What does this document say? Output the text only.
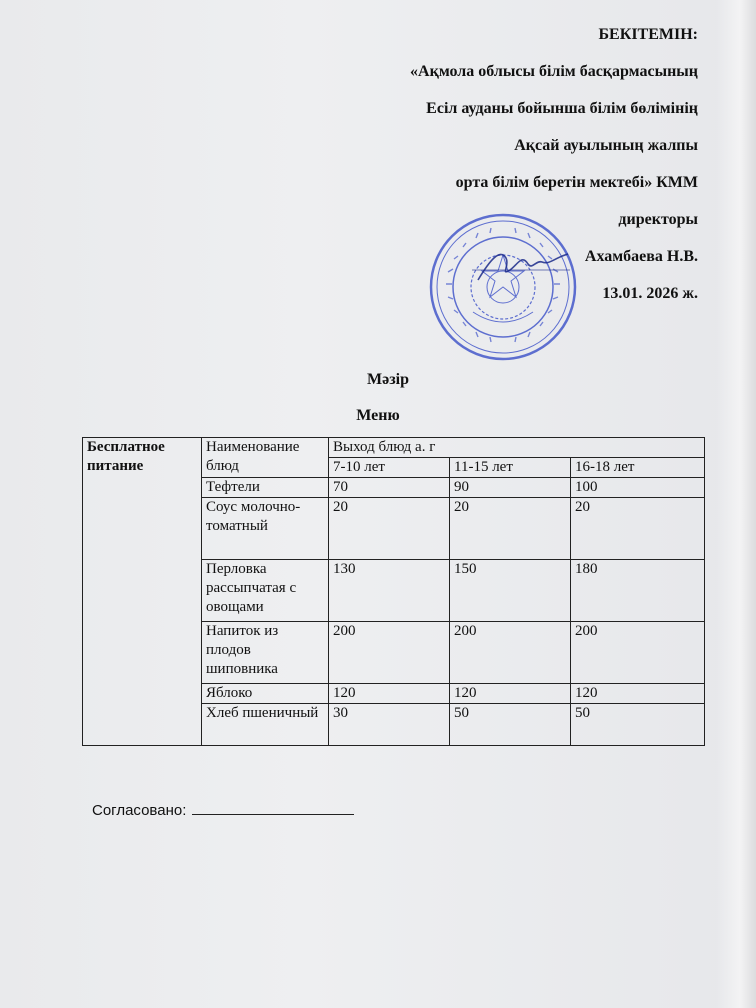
БЕКІТЕМІН:
«Ақмола облысы білім басқармасының
Есіл ауданы бойынша білім бөлімінің
Ақсай ауылының жалпы
орта білім беретін мектебі» КММ
директоры
Ахамбаева Н.В.
13.01. 2026 ж.
Мәзір
Меню
Бесплатное питание	Наименование блюд	Выход блюд а. г		
		7-10 лет	11-15 лет	16-18 лет
	Тефтели	70	90	100
	Соус молочно-томатный	20	20	20
	Перловка рассыпчатая с овощами	130	150	180
	Напиток из плодов шиповника	200	200	200
	Яблоко	120	120	120
	Хлеб пшеничный	30	50	50
Согласовано:
